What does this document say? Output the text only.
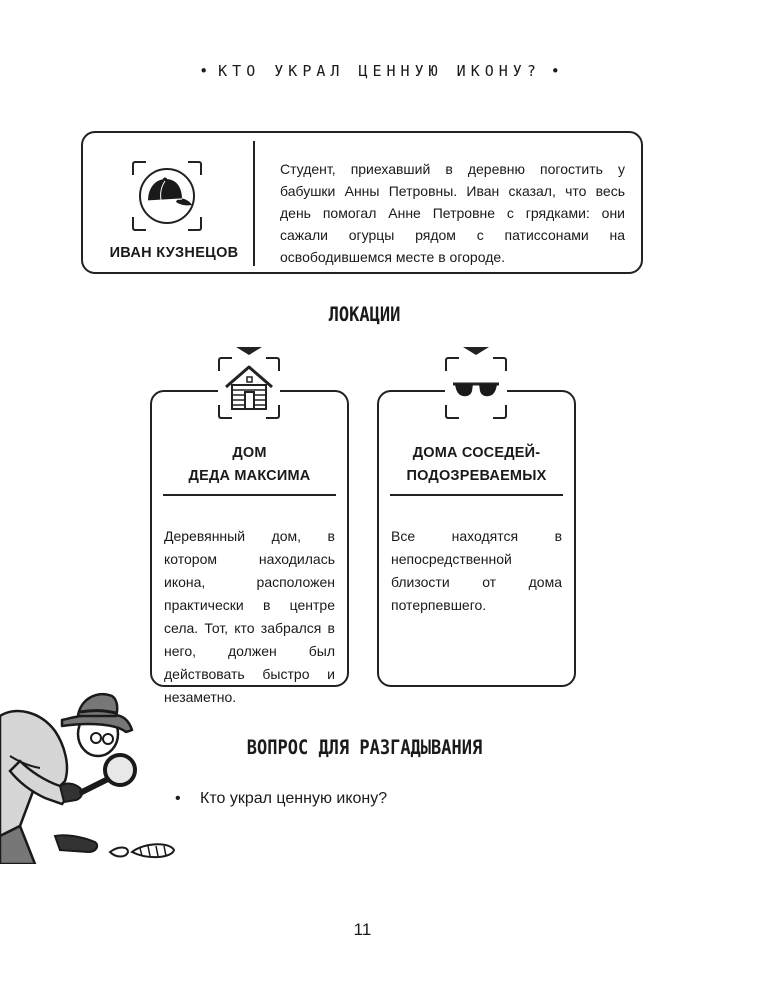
• КТО УКРАЛ ЦЕННУЮ ИКОНУ? •
ИВАН КУЗНЕЦОВ
Студент, приехавший в деревню погостить у бабушки Анны Петровны. Иван сказал, что весь день помогал Анне Петровне с грядками: они сажали огурцы рядом с патиссонами на освободившемся месте в огороде.
ЛОКАЦИИ
ДОМ
ДЕДА МАКСИМА
Деревянный дом, в котором находилась икона, расположен практически в центре села. Тот, кто забрался в него, должен был действовать быстро и незаметно.
ДОМА СОСЕДЕЙ-
ПОДОЗРЕВАЕМЫХ
Все находятся в непосредственной близости от дома потерпевшего.
ВОПРОС ДЛЯ РАЗГАДЫВАНИЯ
• Кто украл ценную икону?
11
